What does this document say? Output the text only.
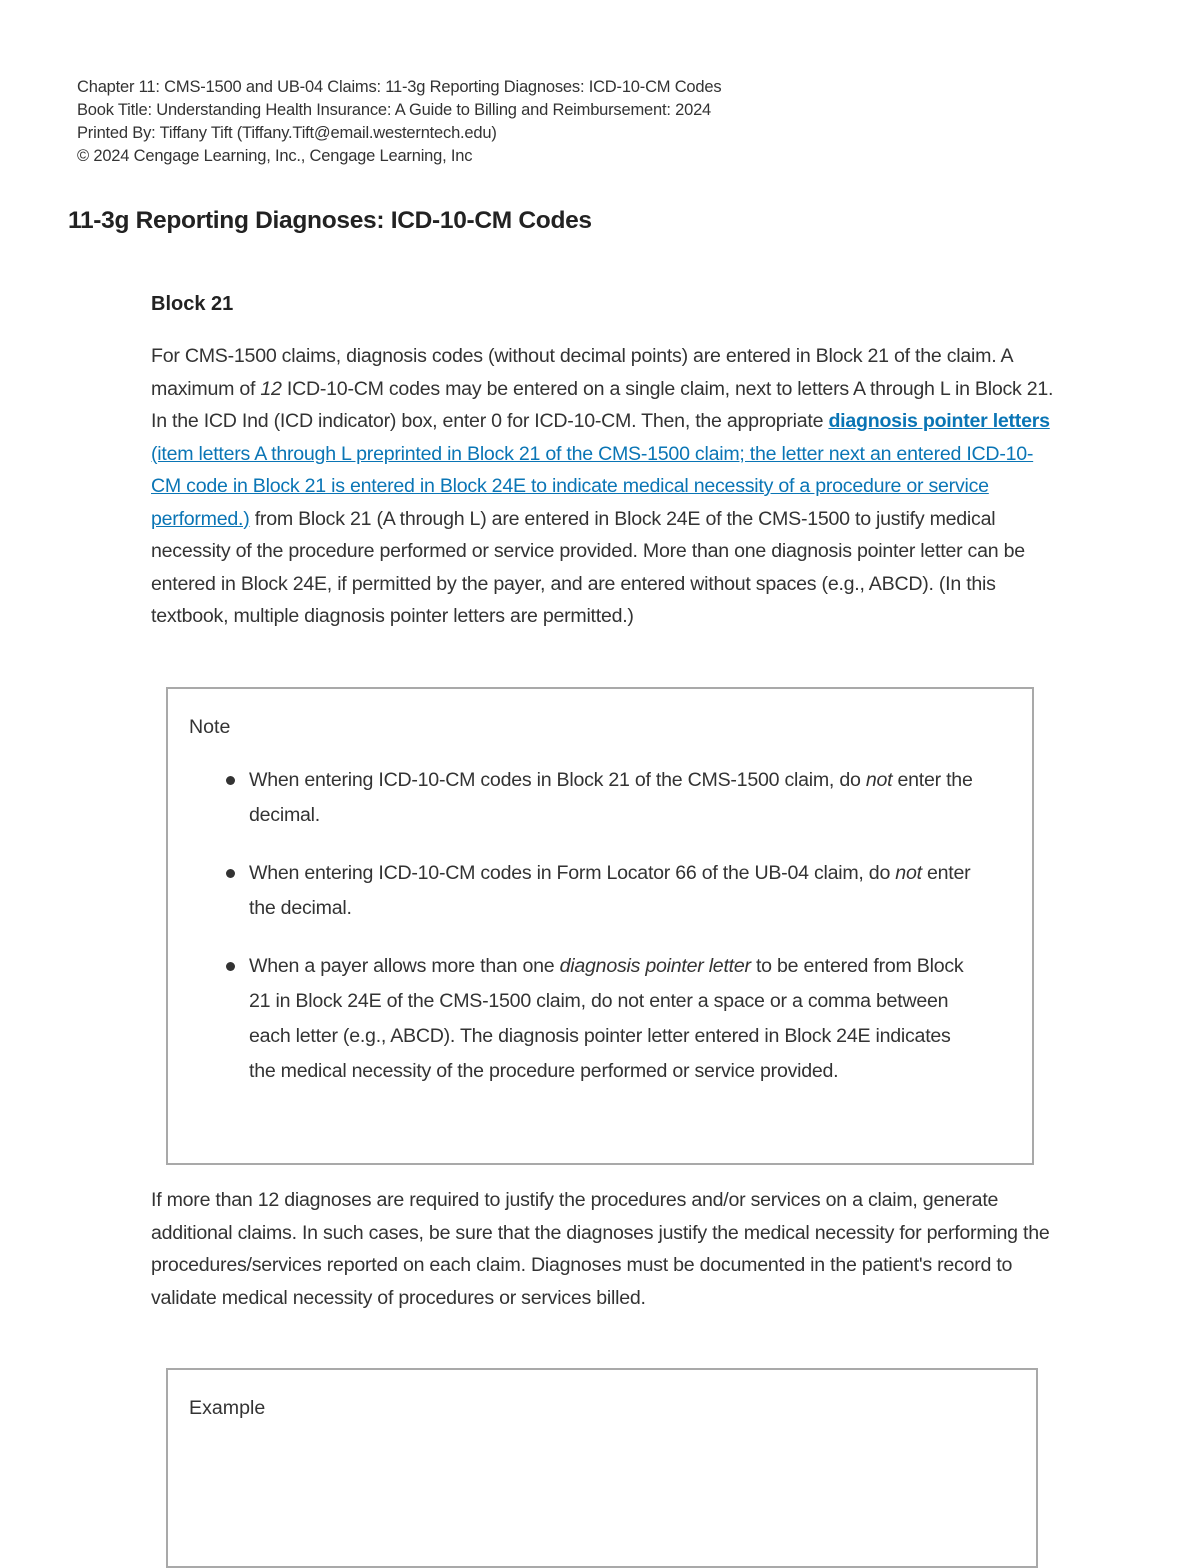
Chapter 11: CMS-1500 and UB-04 Claims: 11-3g Reporting Diagnoses: ICD-10-CM Codes
Book Title: Understanding Health Insurance: A Guide to Billing and Reimbursement: 2024
Printed By: Tiffany Tift (Tiffany.Tift@email.westerntech.edu)
© 2024 Cengage Learning, Inc., Cengage Learning, Inc
11-3g Reporting Diagnoses: ICD-10-CM Codes
Block 21

For CMS-1500 claims, diagnosis codes (without decimal points) are entered in Block 21 of the claim. A maximum of 12 ICD-10-CM codes may be entered on a single claim, next to letters A through L in Block 21. In the ICD Ind (ICD indicator) box, enter 0 for ICD-10-CM. Then, the appropriate diagnosis pointer letters (item letters A through L preprinted in Block 21 of the CMS-1500 claim; the letter next an entered ICD-10-CM code in Block 21 is entered in Block 24E to indicate medical necessity of a procedure or service performed.) from Block 21 (A through L) are entered in Block 24E of the CMS-1500 to justify medical necessity of the procedure performed or service provided. More than one diagnosis pointer letter can be entered in Block 24E, if permitted by the payer, and are entered without spaces (e.g., ABCD). (In this textbook, multiple diagnosis pointer letters are permitted.)

Note
When entering ICD-10-CM codes in Block 21 of the CMS-1500 claim, do not enter the decimal.
When entering ICD-10-CM codes in Form Locator 66 of the UB-04 claim, do not enter the decimal.
When a payer allows more than one diagnosis pointer letter to be entered from Block 21 in Block 24E of the CMS-1500 claim, do not enter a space or a comma between each letter (e.g., ABCD). The diagnosis pointer letter entered in Block 24E indicates the medical necessity of the procedure performed or service provided.

If more than 12 diagnoses are required to justify the procedures and/or services on a claim, generate additional claims. In such cases, be sure that the diagnoses justify the medical necessity for performing the procedures/services reported on each claim. Diagnoses must be documented in the patient's record to validate medical necessity of procedures or services billed.

Example
